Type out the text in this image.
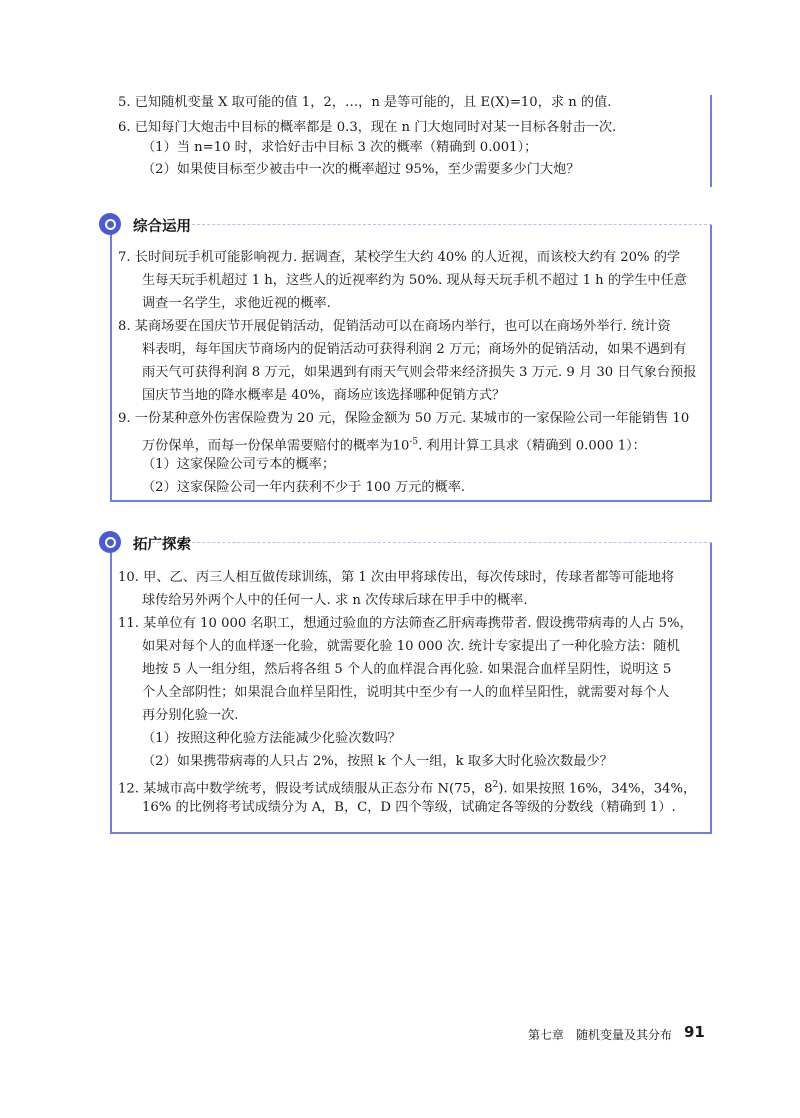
5. 已知随机变量 X 取可能的值 1，2，…，n 是等可能的，且 E(X)=10，求 n 的值.
6. 已知每门大炮击中目标的概率都是 0.3，现在 n 门大炮同时对某一目标各射击一次.
（1）当 n=10 时，求恰好击中目标 3 次的概率（精确到 0.001）；
（2）如果使目标至少被击中一次的概率超过 95%，至少需要多少门大炮？
综合运用
7. 长时间玩手机可能影响视力. 据调查，某校学生大约 40% 的人近视，而该校大约有 20% 的学
生每天玩手机超过 1 h，这些人的近视率约为 50%. 现从每天玩手机不超过 1 h 的学生中任意
调查一名学生，求他近视的概率.
8. 某商场要在国庆节开展促销活动，促销活动可以在商场内举行，也可以在商场外举行. 统计资
料表明，每年国庆节商场内的促销活动可获得利润 2 万元；商场外的促销活动，如果不遇到有
雨天气可获得利润 8 万元，如果遇到有雨天气则会带来经济损失 3 万元. 9 月 30 日气象台预报
国庆节当地的降水概率是 40%，商场应该选择哪种促销方式？
9. 一份某种意外伤害保险费为 20 元，保险金额为 50 万元. 某城市的一家保险公司一年能销售 10
万份保单，而每一份保单需要赔付的概率为$10^{-5}$. 利用计算工具求（精确到 0.000 1）：
（1）这家保险公司亏本的概率；
（2）这家保险公司一年内获利不少于 100 万元的概率.
拓广探索
10. 甲、乙、丙三人相互做传球训练，第 1 次由甲将球传出，每次传球时，传球者都等可能地将
球传给另外两个人中的任何一人. 求 n 次传球后球在甲手中的概率.
11. 某单位有 10 000 名职工，想通过验血的方法筛查乙肝病毒携带者. 假设携带病毒的人占 5%，
如果对每个人的血样逐一化验，就需要化验 10 000 次. 统计专家提出了一种化验方法：随机
地按 5 人一组分组，然后将各组 5 个人的血样混合再化验. 如果混合血样呈阴性，说明这 5
个人全部阴性；如果混合血样呈阳性，说明其中至少有一人的血样呈阳性，就需要对每个人
再分别化验一次.
（1）按照这种化验方法能减少化验次数吗？
（2）如果携带病毒的人只占 2%，按照 k 个人一组，k 取多大时化验次数最少？
12. 某城市高中数学统考，假设考试成绩服从正态分布 N(75，$8^2$). 如果按照 16%，34%，34%，
16% 的比例将考试成绩分为 A，B，C，D 四个等级，试确定各等级的分数线（精确到 1）.
第七章　随机变量及其分布 91
